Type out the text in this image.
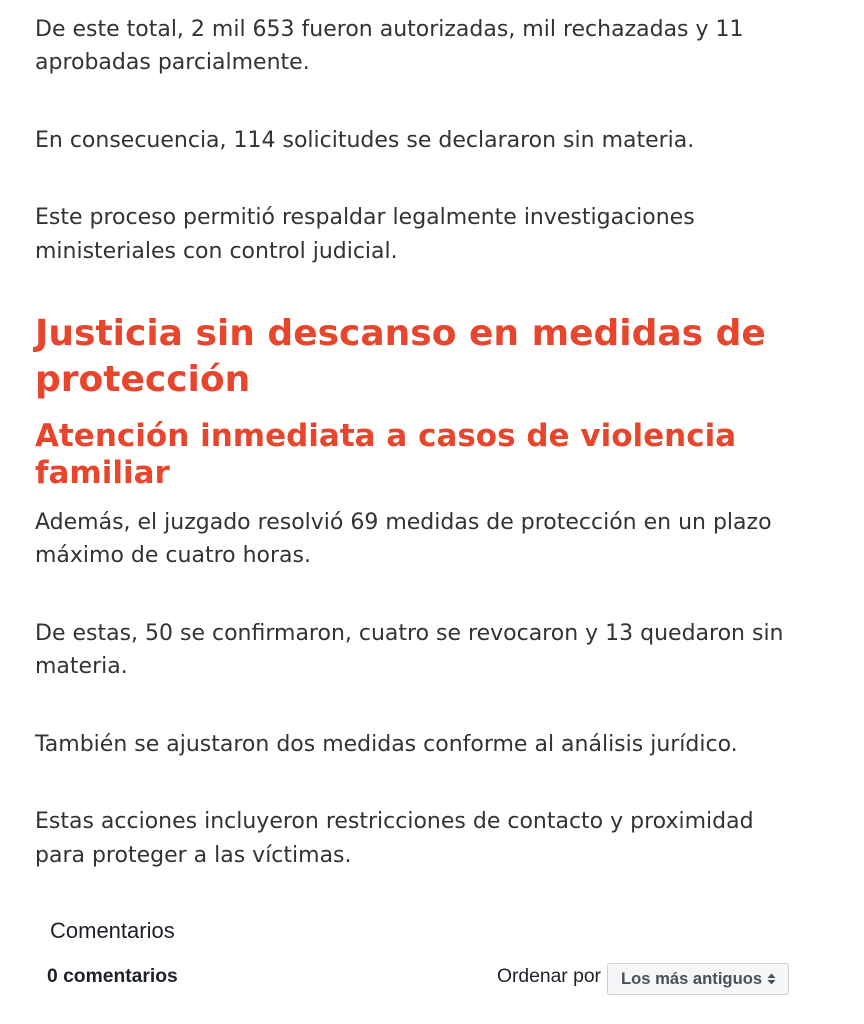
De este total, 2 mil 653 fueron autorizadas, mil rechazadas y 11 aprobadas parcialmente.

En consecuencia, 114 solicitudes se declararon sin materia.

Este proceso permitió respaldar legalmente investigaciones ministeriales con control judicial.

Justicia sin descanso en medidas de protección
Atención inmediata a casos de violencia familiar

Además, el juzgado resolvió 69 medidas de protección en un plazo máximo de cuatro horas.

De estas, 50 se confirmaron, cuatro se revocaron y 13 quedaron sin materia.

También se ajustaron dos medidas conforme al análisis jurídico.

Estas acciones incluyeron restricciones de contacto y proximidad para proteger a las víctimas.

Comentarios
0 comentarios	Ordenar por Los más antiguos
